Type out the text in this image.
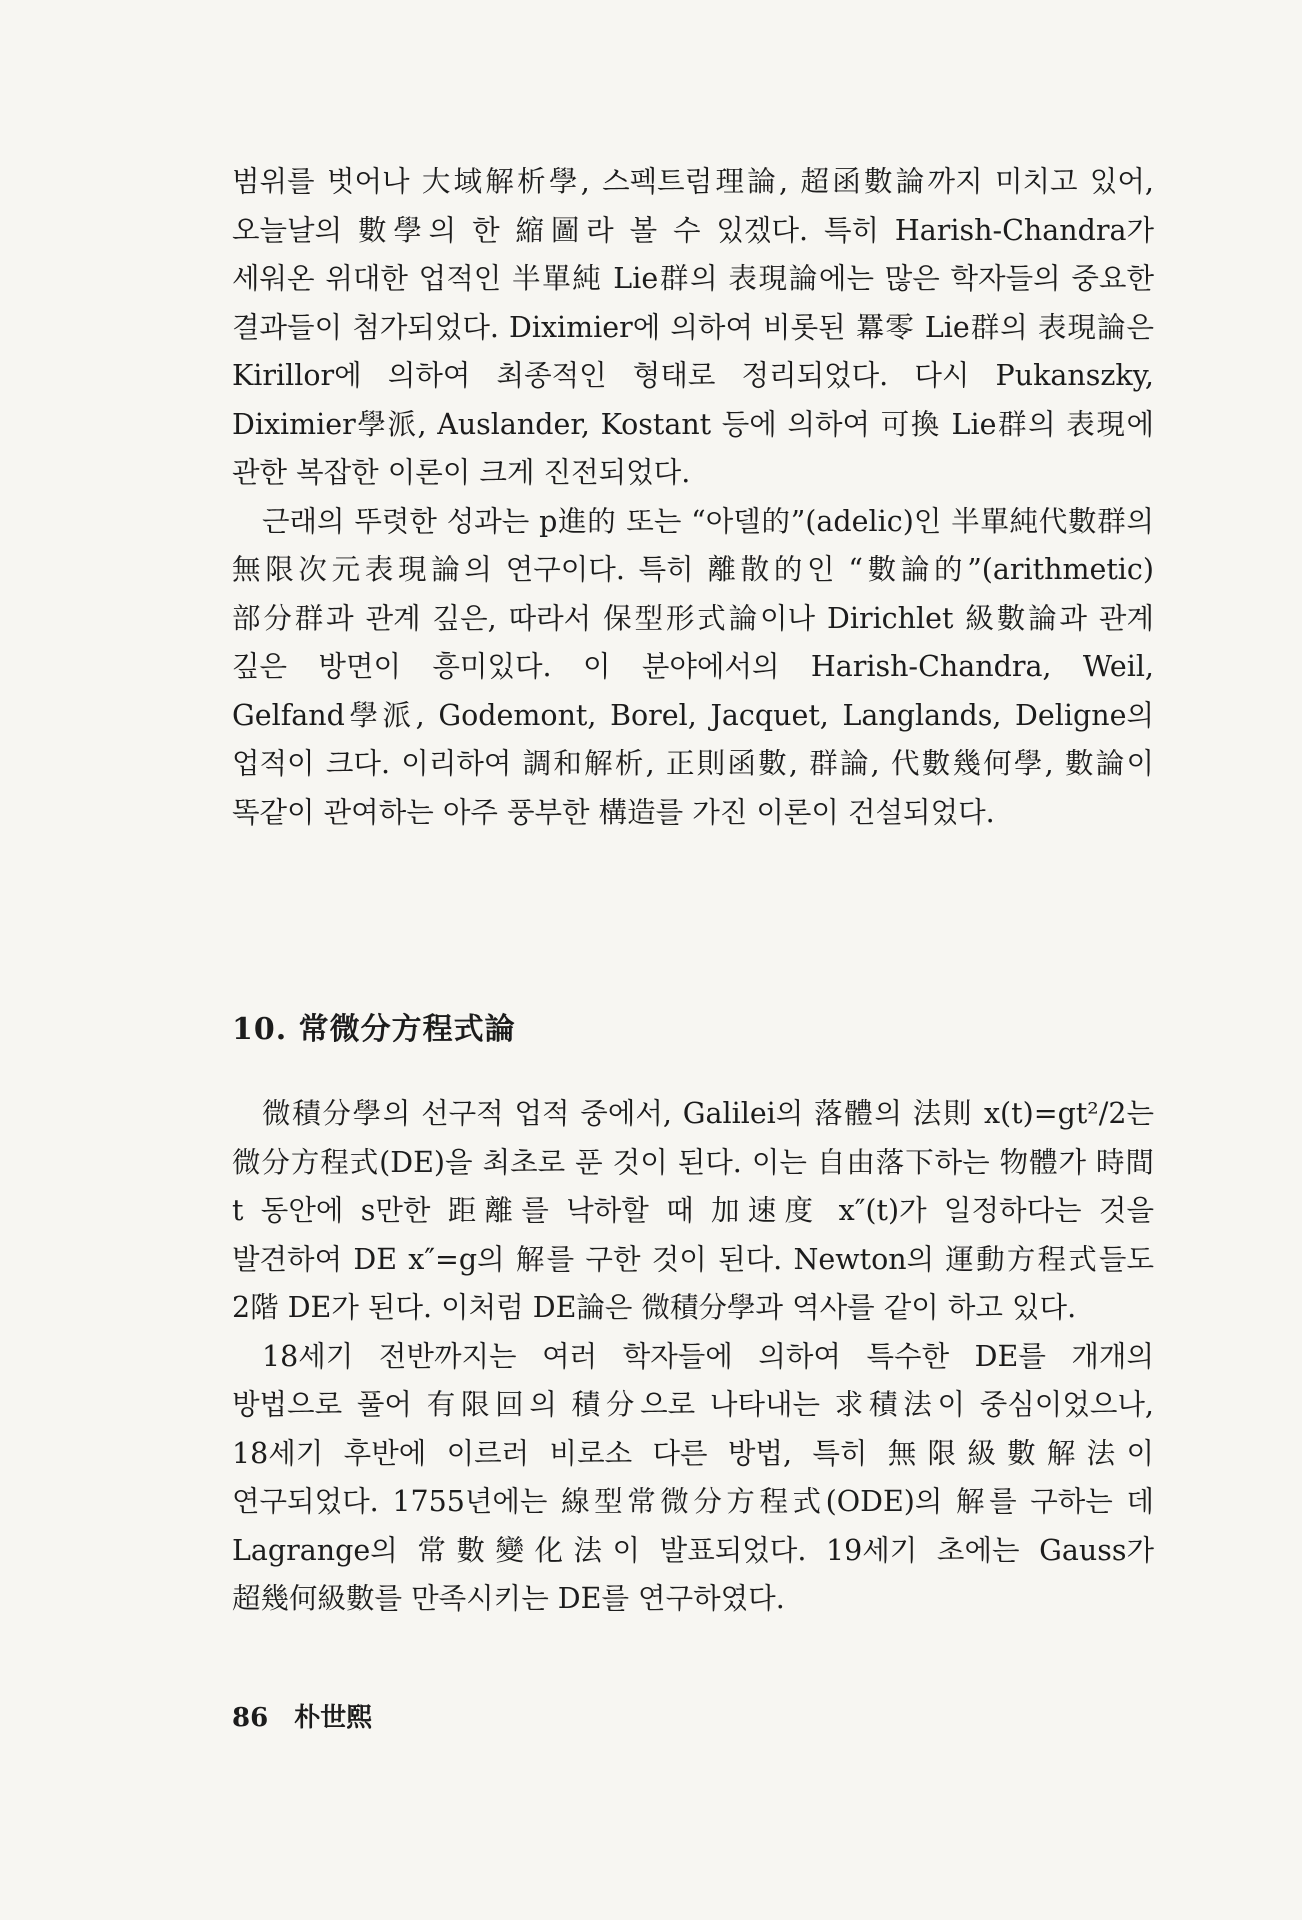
범위를 벗어나 大域解析學, 스펙트럼理論, 超函數論까지 미치고 있어, 오늘날의 數學의 한 縮圖라 볼 수 있겠다. 특히 Harish-Chandra가 세워온 위대한 업적인 半單純 Lie群의 表現論에는 많은 학자들의 중요한 결과들이 첨가되었다. Diximier에 의하여 비롯된 羃零 Lie群의 表現論은 Kirillor에 의하여 최종적인 형태로 정리되었다. 다시 Pukanszky, Diximier學派, Auslander, Kostant 등에 의하여 可換 Lie群의 表現에 관한 복잡한 이론이 크게 진전되었다.

근래의 뚜렷한 성과는 p進的 또는 “아델的”(adelic)인 半單純代數群의 無限次元表現論의 연구이다. 특히 離散的인 “數論的”(arithmetic) 部分群과 관계 깊은, 따라서 保型形式論이나 Dirichlet 級數論과 관계 깊은 방면이 흥미있다. 이 분야에서의 Harish-Chandra, Weil, Gelfand學派, Godemont, Borel, Jacquet, Langlands, Deligne의 업적이 크다. 이리하여 調和解析, 正則函數, 群論, 代數幾何學, 數論이 똑같이 관여하는 아주 풍부한 構造를 가진 이론이 건설되었다.

10. 常微分方程式論

微積分學의 선구적 업적 중에서, Galilei의 落體의 法則 x(t)=gt²/2는 微分方程式(DE)을 최초로 푼 것이 된다. 이는 自由落下하는 物體가 時間 t 동안에 s만한 距離를 낙하할 때 加速度 x″(t)가 일정하다는 것을 발견하여 DE x″=g의 解를 구한 것이 된다. Newton의 運動方程式들도 2階 DE가 된다. 이처럼 DE論은 微積分學과 역사를 같이 하고 있다.

18세기 전반까지는 여러 학자들에 의하여 특수한 DE를 개개의 방법으로 풀어 有限回의 積分으로 나타내는 求積法이 중심이었으나, 18세기 후반에 이르러 비로소 다른 방법, 특히 無限級數解法이 연구되었다. 1755년에는 線型常微分方程式(ODE)의 解를 구하는 데 Lagrange의 常數變化法이 발표되었다. 19세기 초에는 Gauss가 超幾何級數를 만족시키는 DE를 연구하였다.

86 朴世熙
